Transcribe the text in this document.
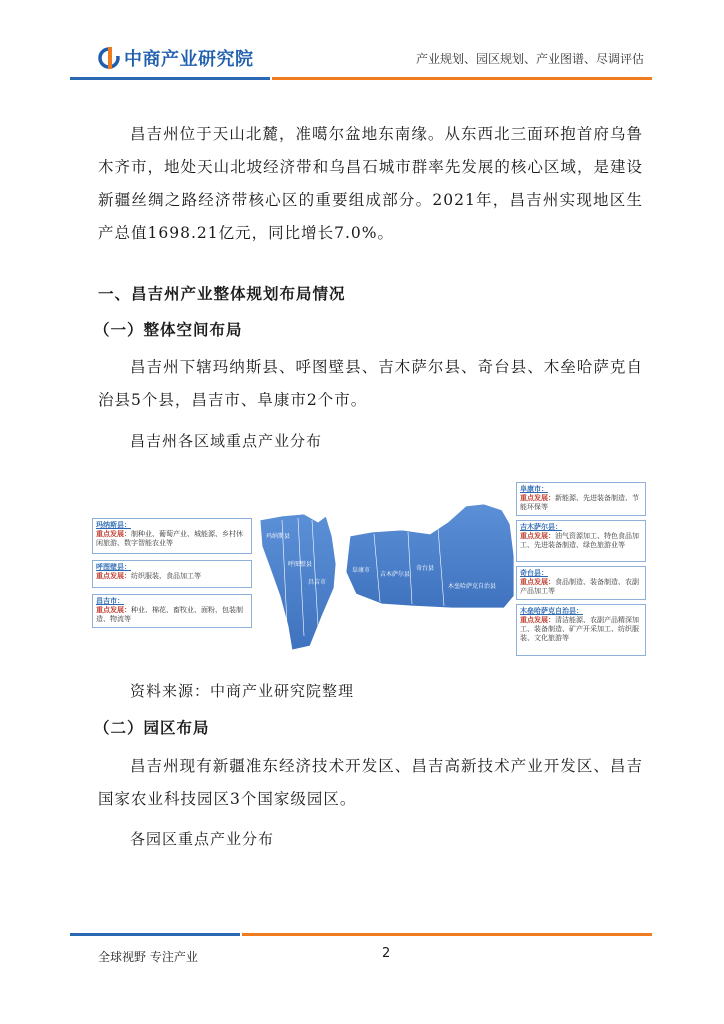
中商产业研究院	产业规划、园区规划、产业图谱、尽调评估
昌吉州位于天山北麓，准噶尔盆地东南缘。从东西北三面环抱首府乌鲁木齐市，地处天山北坡经济带和乌昌石城市群率先发展的核心区域，是建设新疆丝绸之路经济带核心区的重要组成部分。2021年，昌吉州实现地区生产总值1698.21亿元，同比增长7.0%。
一、昌吉州产业整体规划布局情况
（一）整体空间布局
昌吉州下辖玛纳斯县、呼图壁县、吉木萨尔县、奇台县、木垒哈萨克自治县5个县，昌吉市、阜康市2个市。
昌吉州各区域重点产业分布
玛纳斯县：
重点发展：制种业、葡萄产业、城能源、乡村休闲旅游、数字智能农业等
呼图壁县：
重点发展：纺织服装、食品加工等
昌吉市：
重点发展：种业、棉花、畜牧业、面粉、包装制造、物流等
玛纳斯县
呼图壁县
昌吉市
阜康市
吉木萨尔县
奇台县
木垒哈萨克自治县
阜康市：
重点发展：新能源、先进装备制造、节能环保等
吉木萨尔县：
重点发展：油气资源加工、特色食品加工、先进装备制造、绿色旅游业等
奇台县：
重点发展：食品制造、装备制造、农副产品加工等
木垒哈萨克自治县：
重点发展：清洁能源、农副产品精深加工、装备制造、矿产开采加工、纺织服装、文化旅游等
资料来源：中商产业研究院整理
（二）园区布局
昌吉州现有新疆准东经济技术开发区、昌吉高新技术产业开发区、昌吉国家农业科技园区3个国家级园区。
各园区重点产业分布
全球视野 专注产业	2
